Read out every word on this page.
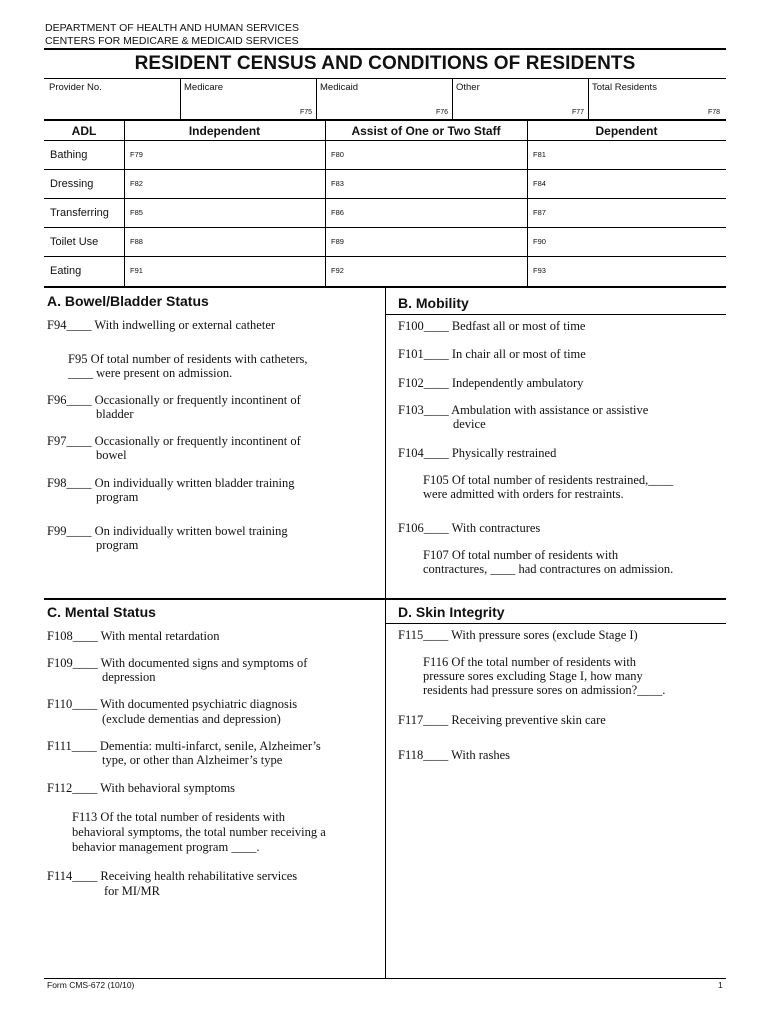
DEPARTMENT OF HEALTH AND HUMAN SERVICES
CENTERS FOR MEDICARE & MEDICAID SERVICES
RESIDENT CENSUS AND CONDITIONS OF RESIDENTS
Provider No.	Medicare	Medicaid	Other	Total Residents
F75	F76	F77	F78
ADL	Independent	Assist of One or Two Staff	Dependent
Bathing	F79	F80	F81
Dressing	F82	F83	F84
Transferring	F85	F86	F87
Toilet Use	F88	F89	F90
Eating	F91	F92	F93
A. Bowel/Bladder Status
F94____ With indwelling or external catheter
F95 Of total number of residents with catheters,
____ were present on admission.
F96____ Occasionally or frequently incontinent of
bladder
F97____ Occasionally or frequently incontinent of
bowel
F98____ On individually written bladder training
program
F99____ On individually written bowel training
program
B. Mobility
F100____ Bedfast all or most of time
F101____ In chair all or most of time
F102____ Independently ambulatory
F103____ Ambulation with assistance or assistive
device
F104____ Physically restrained
F105 Of total number of residents restrained,____
were admitted with orders for restraints.
F106____ With contractures
F107 Of total number of residents with
contractures, ____ had contractures on admission.
C. Mental Status
F108____ With mental retardation
F109____ With documented signs and symptoms of
depression
F110____ With documented psychiatric diagnosis
(exclude dementias and depression)
F111____ Dementia: multi-infarct, senile, Alzheimer’s
type, or other than Alzheimer’s type
F112____ With behavioral symptoms
F113 Of the total number of residents with
behavioral symptoms, the total number receiving a
behavior management program ____.
F114____ Receiving health rehabilitative services
for MI/MR
D. Skin Integrity
F115____ With pressure sores (exclude Stage I)
F116 Of the total number of residents with
pressure sores excluding Stage I, how many
residents had pressure sores on admission?____.
F117____ Receiving preventive skin care
F118____ With rashes
Form CMS-672 (10/10)	1
